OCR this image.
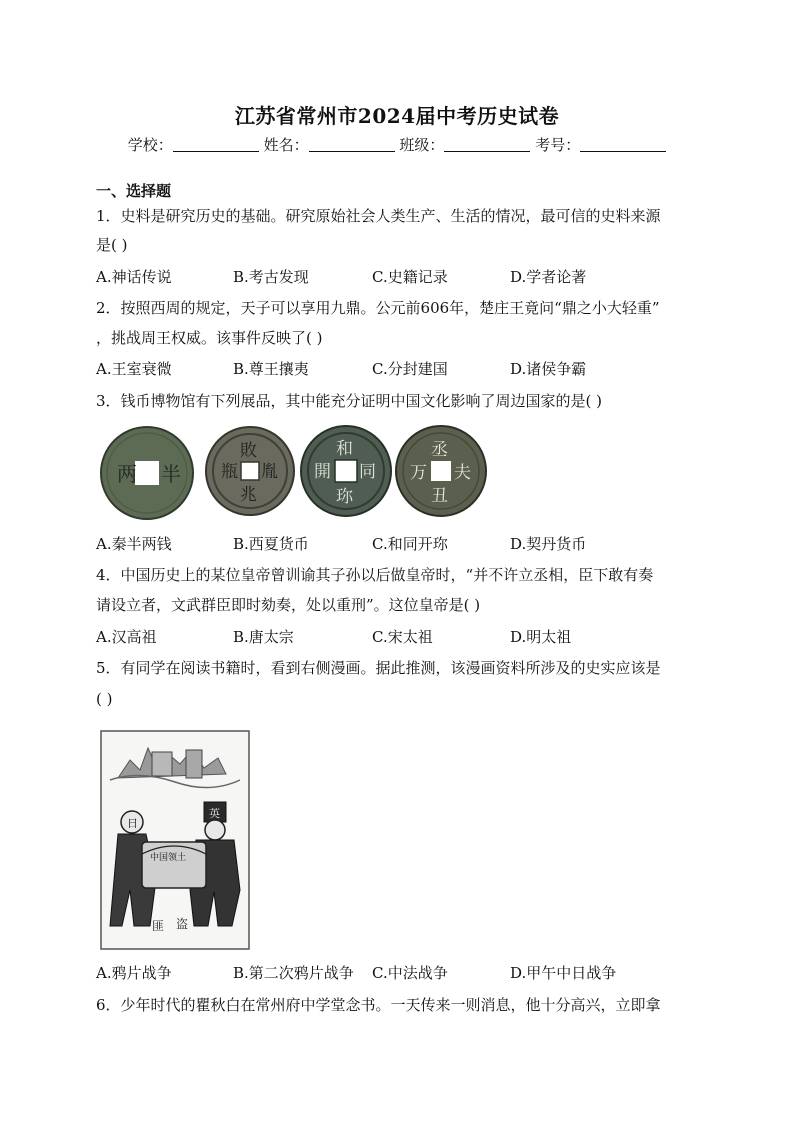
江苏省常州市2024届中考历史试卷
学校：	姓名：	班级：	考号：
一、选择题
1．史料是研究历史的基础。研究原始社会人类生产、生活的情况，最可信的史料来源
是( )
A.神话传说	B.考古发现	C.史籍记录	D.学者论著
2．按照西周的规定，天子可以享用九鼎。公元前606年，楚庄王竟问“鼎之小大轻重”
，挑战周王权威。该事件反映了( )
A.王室衰微	B.尊王攘夷	C.分封建国	D.诸侯争霸
3．钱币博物馆有下列展品，其中能充分证明中国文化影响了周边国家的是( )
两 半
敗
胤
瓶
兆
和
同
開
珎
丞
夫
万
丑
A.秦半两钱	B.西夏货币	C.和同开珎	D.契丹货币
4．中国历史上的某位皇帝曾训谕其子孙以后做皇帝时，“并不许立丞相，臣下敢有奏
请设立者，文武群臣即时劾奏，处以重刑”。这位皇帝是( )
A.汉高祖	B.唐太宗	C.宋太祖	D.明太祖
5．有同学在阅读书籍时，看到右侧漫画。据此推测，该漫画资料所涉及的史实应该是
( )
日
英
中国领土
匪 盗
A.鸦片战争	B.第二次鸦片战争 C.中法战争	D.甲午中日战争
6．少年时代的瞿秋白在常州府中学堂念书。一天传来一则消息，他十分高兴，立即拿
